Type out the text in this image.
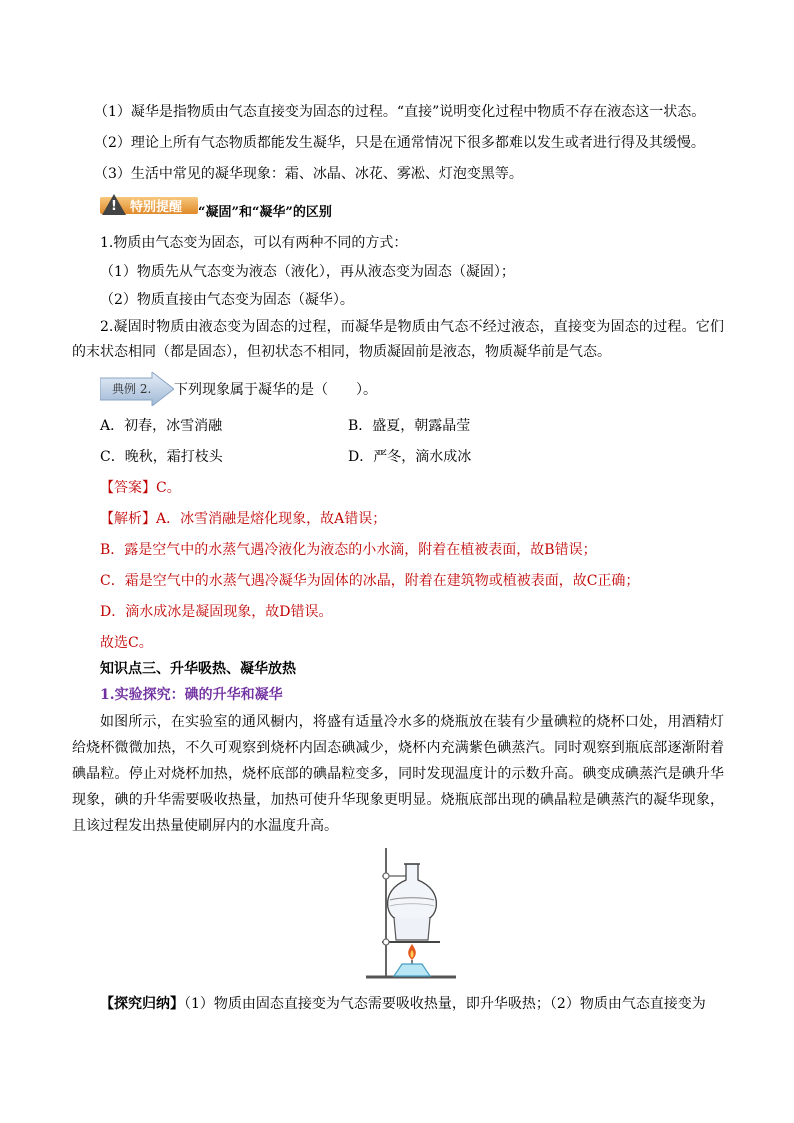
（1）凝华是指物质由气态直接变为固态的过程。“直接”说明变化过程中物质不存在液态这一状态。
（2）理论上所有气态物质都能发生凝华，只是在通常情况下很多都难以发生或者进行得及其缓慢。
（3）生活中常见的凝华现象：霜、冰晶、冰花、雾凇、灯泡变黑等。
! 特别提醒 “凝固”和“凝华”的区别
1.物质由气态变为固态，可以有两种不同的方式：
（1）物质先从气态变为液态（液化），再从液态变为固态（凝固）；
（2）物质直接由气态变为固态（凝华）。
2.凝固时物质由液态变为固态的过程，而凝华是物质由气态不经过液态，直接变为固态的过程。它们的末状态相同（都是固态），但初状态不相同，物质凝固前是液态，物质凝华前是气态。
典例 2. 下列现象属于凝华的是（　　）。
A．初春，冰雪消融	B．盛夏，朝露晶莹
C．晚秋，霜打枝头	D．严冬，滴水成冰
【答案】C。
【解析】A．冰雪消融是熔化现象，故A错误；
B．露是空气中的水蒸气遇冷液化为液态的小水滴，附着在植被表面，故B错误；
C．霜是空气中的水蒸气遇冷凝华为固体的冰晶，附着在建筑物或植被表面，故C正确；
D．滴水成冰是凝固现象，故D错误。
故选C。
知识点三、升华吸热、凝华放热
1.实验探究：碘的升华和凝华
如图所示，在实验室的通风橱内，将盛有适量冷水多的烧瓶放在装有少量碘粒的烧杯口处，用酒精灯给烧杯微微加热，不久可观察到烧杯内固态碘减少，烧杯内充满紫色碘蒸汽。同时观察到瓶底部逐渐附着碘晶粒。停止对烧杯加热，烧杯底部的碘晶粒变多，同时发现温度计的示数升高。碘变成碘蒸汽是碘升华现象，碘的升华需要吸收热量，加热可使升华现象更明显。烧瓶底部出现的碘晶粒是碘蒸汽的凝华现象，且该过程发出热量使刷屏内的水温度升高。
【探究归纳】（1）物质由固态直接变为气态需要吸收热量，即升华吸热；（2）物质由气态直接变为
